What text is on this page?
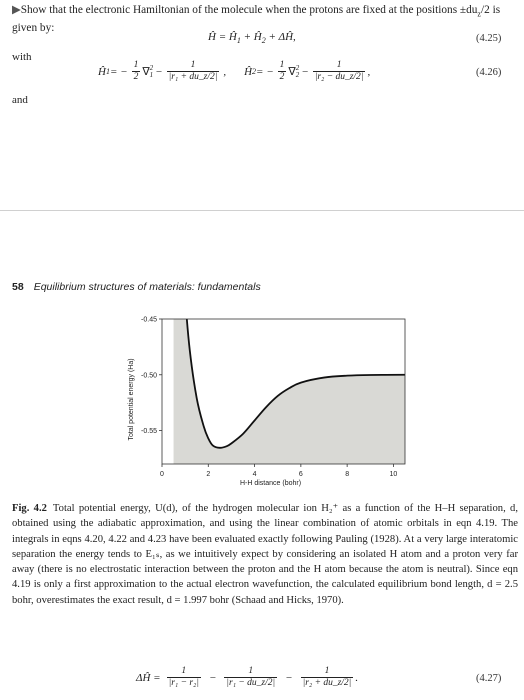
▶Show that the electronic Hamiltonian of the molecule when the protons are fixed at the positions $\pm du_z/2$ is given by:
Ĥ = $Ĥ_1$ + $Ĥ_2$ + ΔĤ,	(4.25)
with
Ĥ 1 = − $\frac{1}{2}$ ∇ 2
$1 - \frac{1}{\text{|r₁ + du\_z/2|}}$ , Ĥ 2 = − $\frac{1}{2}$ ∇ 2
$2 - \frac{1}{\text{|r₂ − du\_z/2|}}$ ,	(4.26)
and
58 Equilibrium structures of materials: fundamentals
0	2	4	6	8	10
-0.45
-0.50
-0.55
H-H distance (bohr)
Total potential energy (Ha)
Fig. 4.2 Total potential energy, U(d), of the hydrogen molecular ion H₂⁺ as a function of the H–H separation, d, obtained using the adiabatic approximation, and using the linear combination of atomic orbitals in eqn 4.19. The integrals in eqns 4.20, 4.22 and 4.23 have been evaluated exactly following Pauling (1928). At a very large interatomic separation the energy tends to E₁ₛ, as we intuitively expect by considering an isolated H atom and a proton very far away (there is no electrostatic interaction between the proton and the H atom because the atom is neutral). Since eqn 4.19 is only a first approximation to the actual electron wavefunction, the calculated equilibrium bond length, d = 2.5 bohr, overestimates the exact result, d = 1.997 bohr (Schaad and Hicks, 1970).
ΔĤ = $\frac{1}{\text{|r₁ − r₂|}} - \frac{1}{\text{|r₁ − du\_z/2|}} - \frac{1}{\text{|r₂ + du\_z/2|}}$ .	(4.27)
